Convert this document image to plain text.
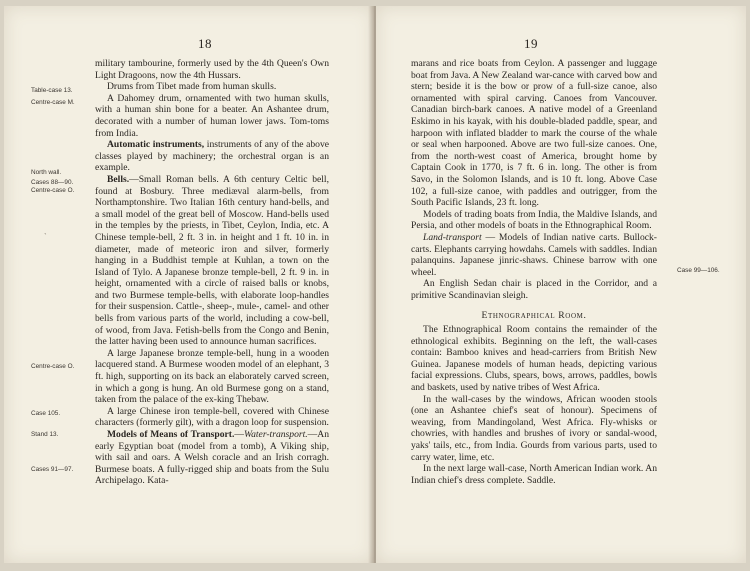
18
Table-case 13.
Centre-case M.
North wall.
Cases 88—90.
Centre-case O.
`
Centre-case O.
Case 105.
Stand 13.
Cases 91—97.

military tambourine, formerly used by the 4th Queen's Own Light Dragoons, now the 4th Hussars.

Drums from Tibet made from human skulls.

A Dahomey drum, ornamented with two human skulls, with a human shin bone for a beater. An Ashantee drum, decorated with a number of human lower jaws. Tom-toms from India.

Automatic instruments, instruments of any of the above classes played by machinery; the orchestral organ is an example.

Bells.—Small Roman bells. A 6th century Celtic bell, found at Bosbury. Three mediæval alarm-bells, from Northamptonshire. Two Italian 16th century hand-bells, and a small model of the great bell of Moscow. Hand-bells used in the temples by the priests, in Tibet, Ceylon, India, etc. A Chinese temple-bell, 2 ft. 3 in. in height and 1 ft. 10 in. in diameter, made of meteoric iron and silver, formerly hanging in a Buddhist temple at Kuhlan, a town on the Island of Tylo. A Japanese bronze temple-bell, 2 ft. 9 in. in height, ornamented with a circle of raised balls or knobs, and two Burmese temple-bells, with elaborate loop-handles for their suspension. Cattle-, sheep-, mule-, camel- and other bells from various parts of the world, including a cow-bell, of wood, from Java. Fetish-bells from the Congo and Benin, the latter having been used to announce human sacrifices.

A large Japanese bronze temple-bell, hung in a wooden lacquered stand. A Burmese wooden model of an elephant, 3 ft. high, supporting on its back an elaborately carved screen, in which a gong is hung. An old Burmese gong on a stand, taken from the palace of the ex-king Thebaw.

A large Chinese iron temple-bell, covered with Chinese characters (formerly gilt), with a dragon loop for suspension.

Models of Means of Transport.—Water-transport.—An early Egyptian boat (model from a tomb), A Viking ship, with sail and oars. A Welsh coracle and an Irish corragh. Burmese boats. A fully-rigged ship and boats from the Sulu Archipelago. Kata-

19
Case 99—106.

marans and rice boats from Ceylon. A passenger and luggage boat from Java. A New Zealand war-cance with carved bow and stern; beside it is the bow or prow of a full-size canoe, also ornamented with spiral carving. Canoes from Vancouver. Canadian birch-bark canoes. A native model of a Greenland Eskimo in his kayak, with his double-bladed paddle, spear, and harpoon with inflated bladder to mark the course of the whale or seal when harpooned. Above are two full-size canoes. One, from the north-west coast of America, brought home by Captain Cook in 1770, is 7 ft. 6 in. long. The other is from Savo, in the Solomon Islands, and is 10 ft. long. Above Case 102, a full-size canoe, with paddles and outrigger, from the South Pacific Islands, 23 ft. long.

Models of trading boats from India, the Maldive Islands, and Persia, and other models of boats in the Ethnographical Room.

Land-transport — Models of Indian native carts. Bullock-carts. Elephants carrying howdahs. Camels with saddles. Indian palanquins. Japanese jinric-shaws. Chinese barrow with one wheel.

An English Sedan chair is placed in the Corridor, and a primitive Scandinavian sleigh.

Ethnographical Room.

The Ethnographical Room contains the remainder of the ethnological exhibits. Beginning on the left, the wall-cases contain: Bamboo knives and head-carriers from British New Guinea. Japanese models of human heads, depicting various facial expressions. Clubs, spears, bows, arrows, paddles, bowls and baskets, used by native tribes of West Africa.

In the wall-cases by the windows, African wooden stools (one an Ashantee chief's seat of honour). Specimens of weaving, from Mandingoland, West Africa. Fly-whisks or chowries, with handles and brushes of ivory or sandal-wood, yaks' tails, etc., from India. Gourds from various parts, used to carry water, lime, etc.

In the next large wall-case, North American Indian work. An Indian chief's dress complete. Saddle.
